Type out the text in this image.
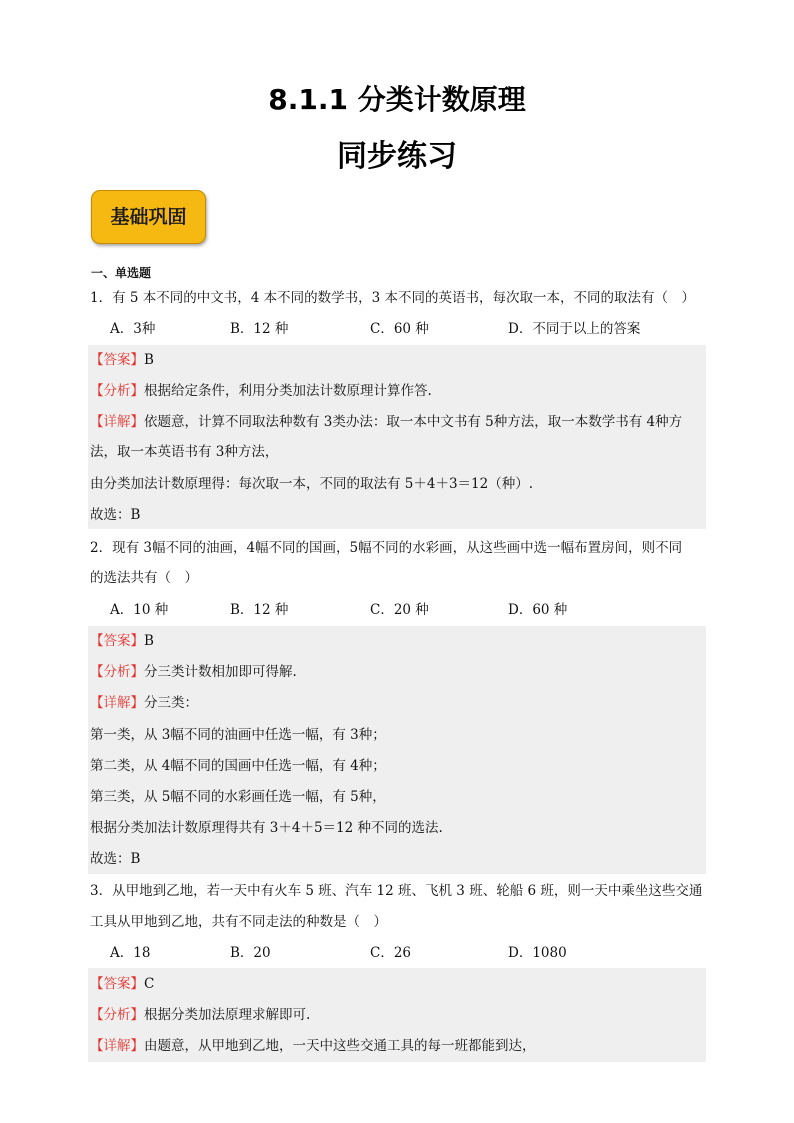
8.1.1 分类计数原理
同步练习
基础巩固
一、单选题
1．有 5 本不同的中文书，4 本不同的数学书，3 本不同的英语书，每次取一本，不同的取法有（　）
A．3种	B．12 种	C．60 种	D．不同于以上的答案
【答案】B
【分析】根据给定条件，利用分类加法计数原理计算作答.
【详解】依题意，计算不同取法种数有 3类办法：取一本中文书有 5种方法，取一本数学书有 4种方
法，取一本英语书有 3种方法，
由分类加法计数原理得：每次取一本，不同的取法有 5＋4＋3＝12（种）.
故选：B
2．现有 3幅不同的油画，4幅不同的国画，5幅不同的水彩画，从这些画中选一幅布置房间，则不同
的选法共有（　）
A．10 种	B．12 种	C．20 种	D．60 种
【答案】B
【分析】分三类计数相加即可得解.
【详解】分三类：
第一类，从 3幅不同的油画中任选一幅，有 3种；
第二类，从 4幅不同的国画中任选一幅，有 4种；
第三类，从 5幅不同的水彩画任选一幅，有 5种，
根据分类加法计数原理得共有 3＋4＋5＝12 种不同的选法.
故选：B
3．从甲地到乙地，若一天中有火车 5 班、汽车 12 班、飞机 3 班、轮船 6 班，则一天中乘坐这些交通
工具从甲地到乙地，共有不同走法的种数是（　）
A．18	B．20	C．26	D．1080
【答案】C
【分析】根据分类加法原理求解即可.
【详解】由题意，从甲地到乙地，一天中这些交通工具的每一班都能到达，
